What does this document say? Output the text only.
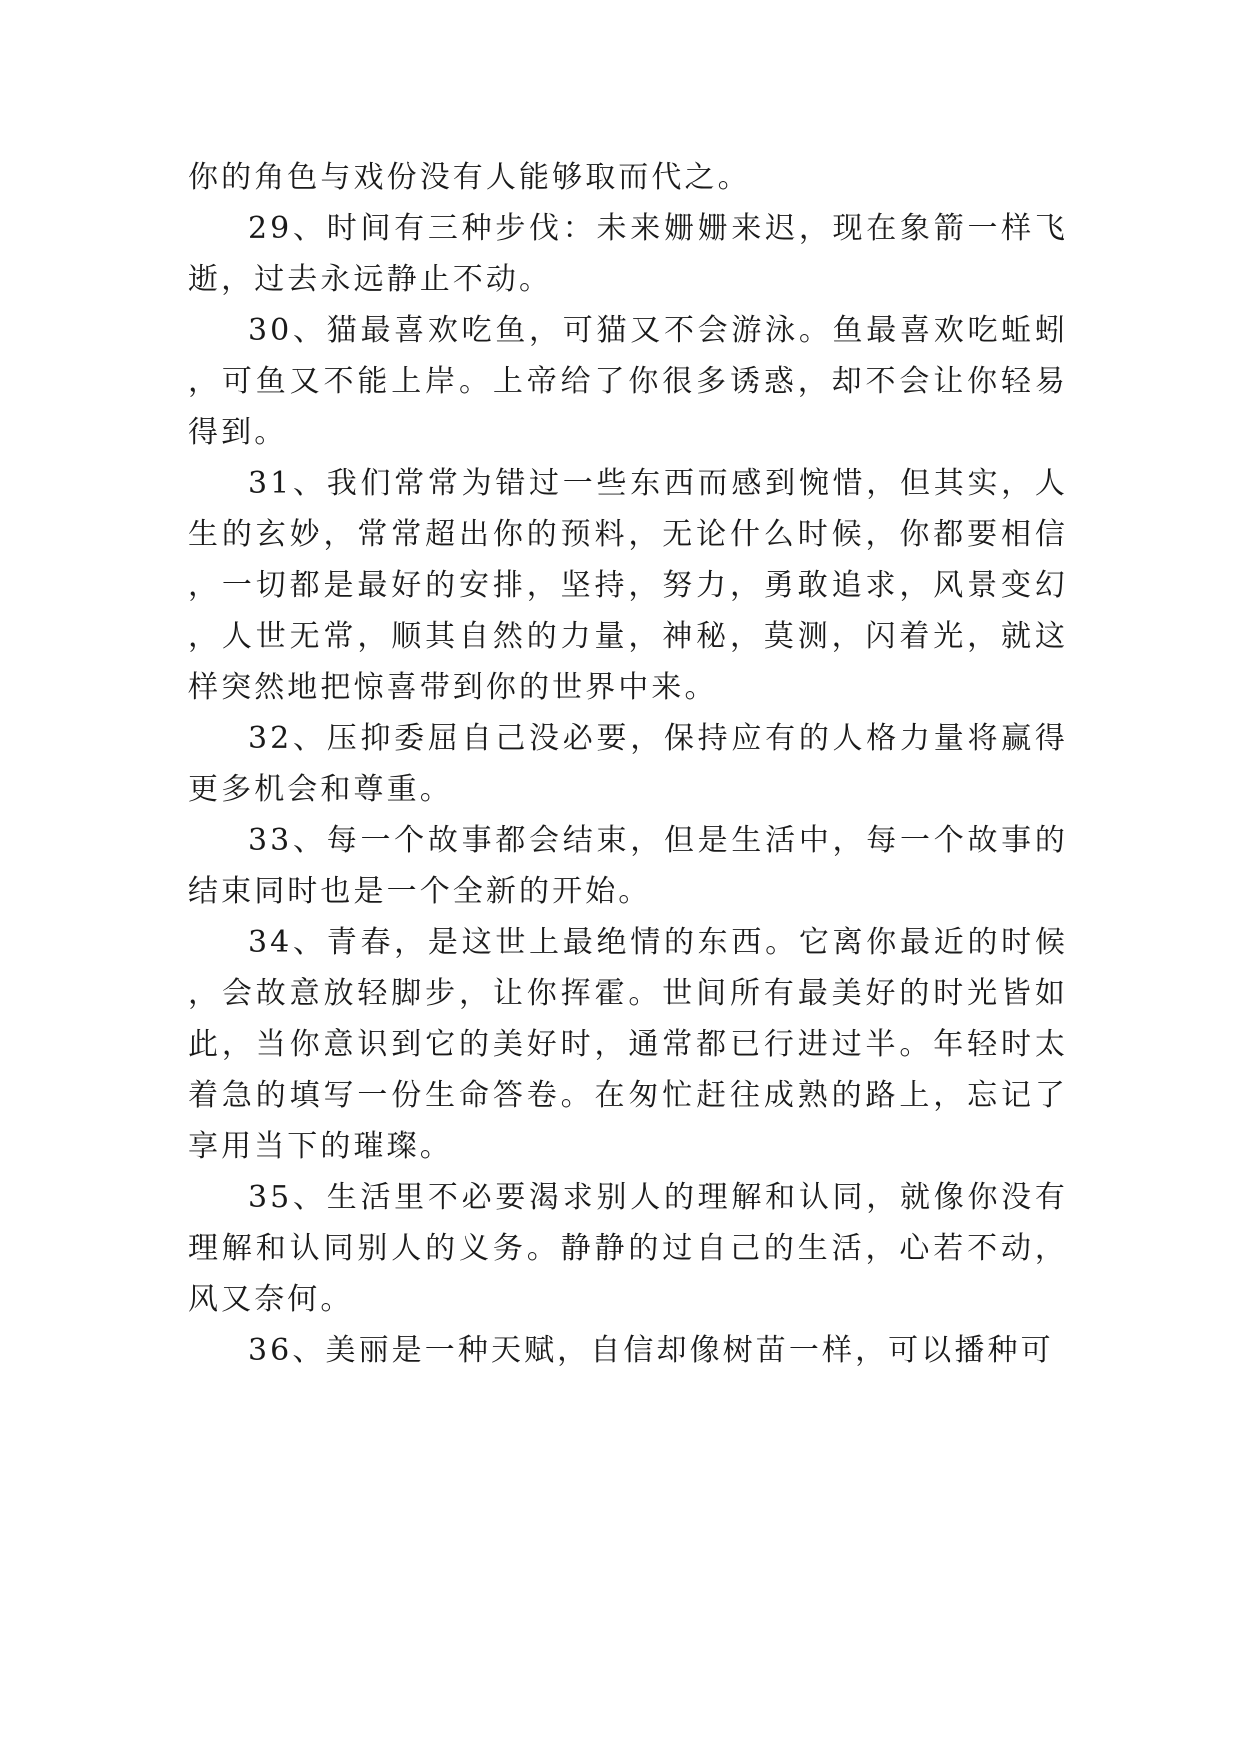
你的角色与戏份没有人能够取而代之。

29、时间有三种步伐：未来姗姗来迟，现在象箭一样飞逝，过去永远静止不动。

30、猫最喜欢吃鱼，可猫又不会游泳。鱼最喜欢吃蚯蚓，可鱼又不能上岸。上帝给了你很多诱惑，却不会让你轻易得到。

31、我们常常为错过一些东西而感到惋惜，但其实，人生的玄妙，常常超出你的预料，无论什么时候，你都要相信，一切都是最好的安排，坚持，努力，勇敢追求，风景变幻，人世无常，顺其自然的力量，神秘，莫测，闪着光，就这样突然地把惊喜带到你的世界中来。

32、压抑委屈自己没必要，保持应有的人格力量将赢得更多机会和尊重。

33、每一个故事都会结束，但是生活中，每一个故事的结束同时也是一个全新的开始。

34、青春，是这世上最绝情的东西。它离你最近的时候，会故意放轻脚步，让你挥霍。世间所有最美好的时光皆如此，当你意识到它的美好时，通常都已行进过半。年轻时太着急的填写一份生命答卷。在匆忙赶往成熟的路上，忘记了享用当下的璀璨。

35、生活里不必要渴求别人的理解和认同，就像你没有理解和认同别人的义务。静静的过自己的生活，心若不动，风又奈何。

36、美丽是一种天赋，自信却像树苗一样，可以播种可
